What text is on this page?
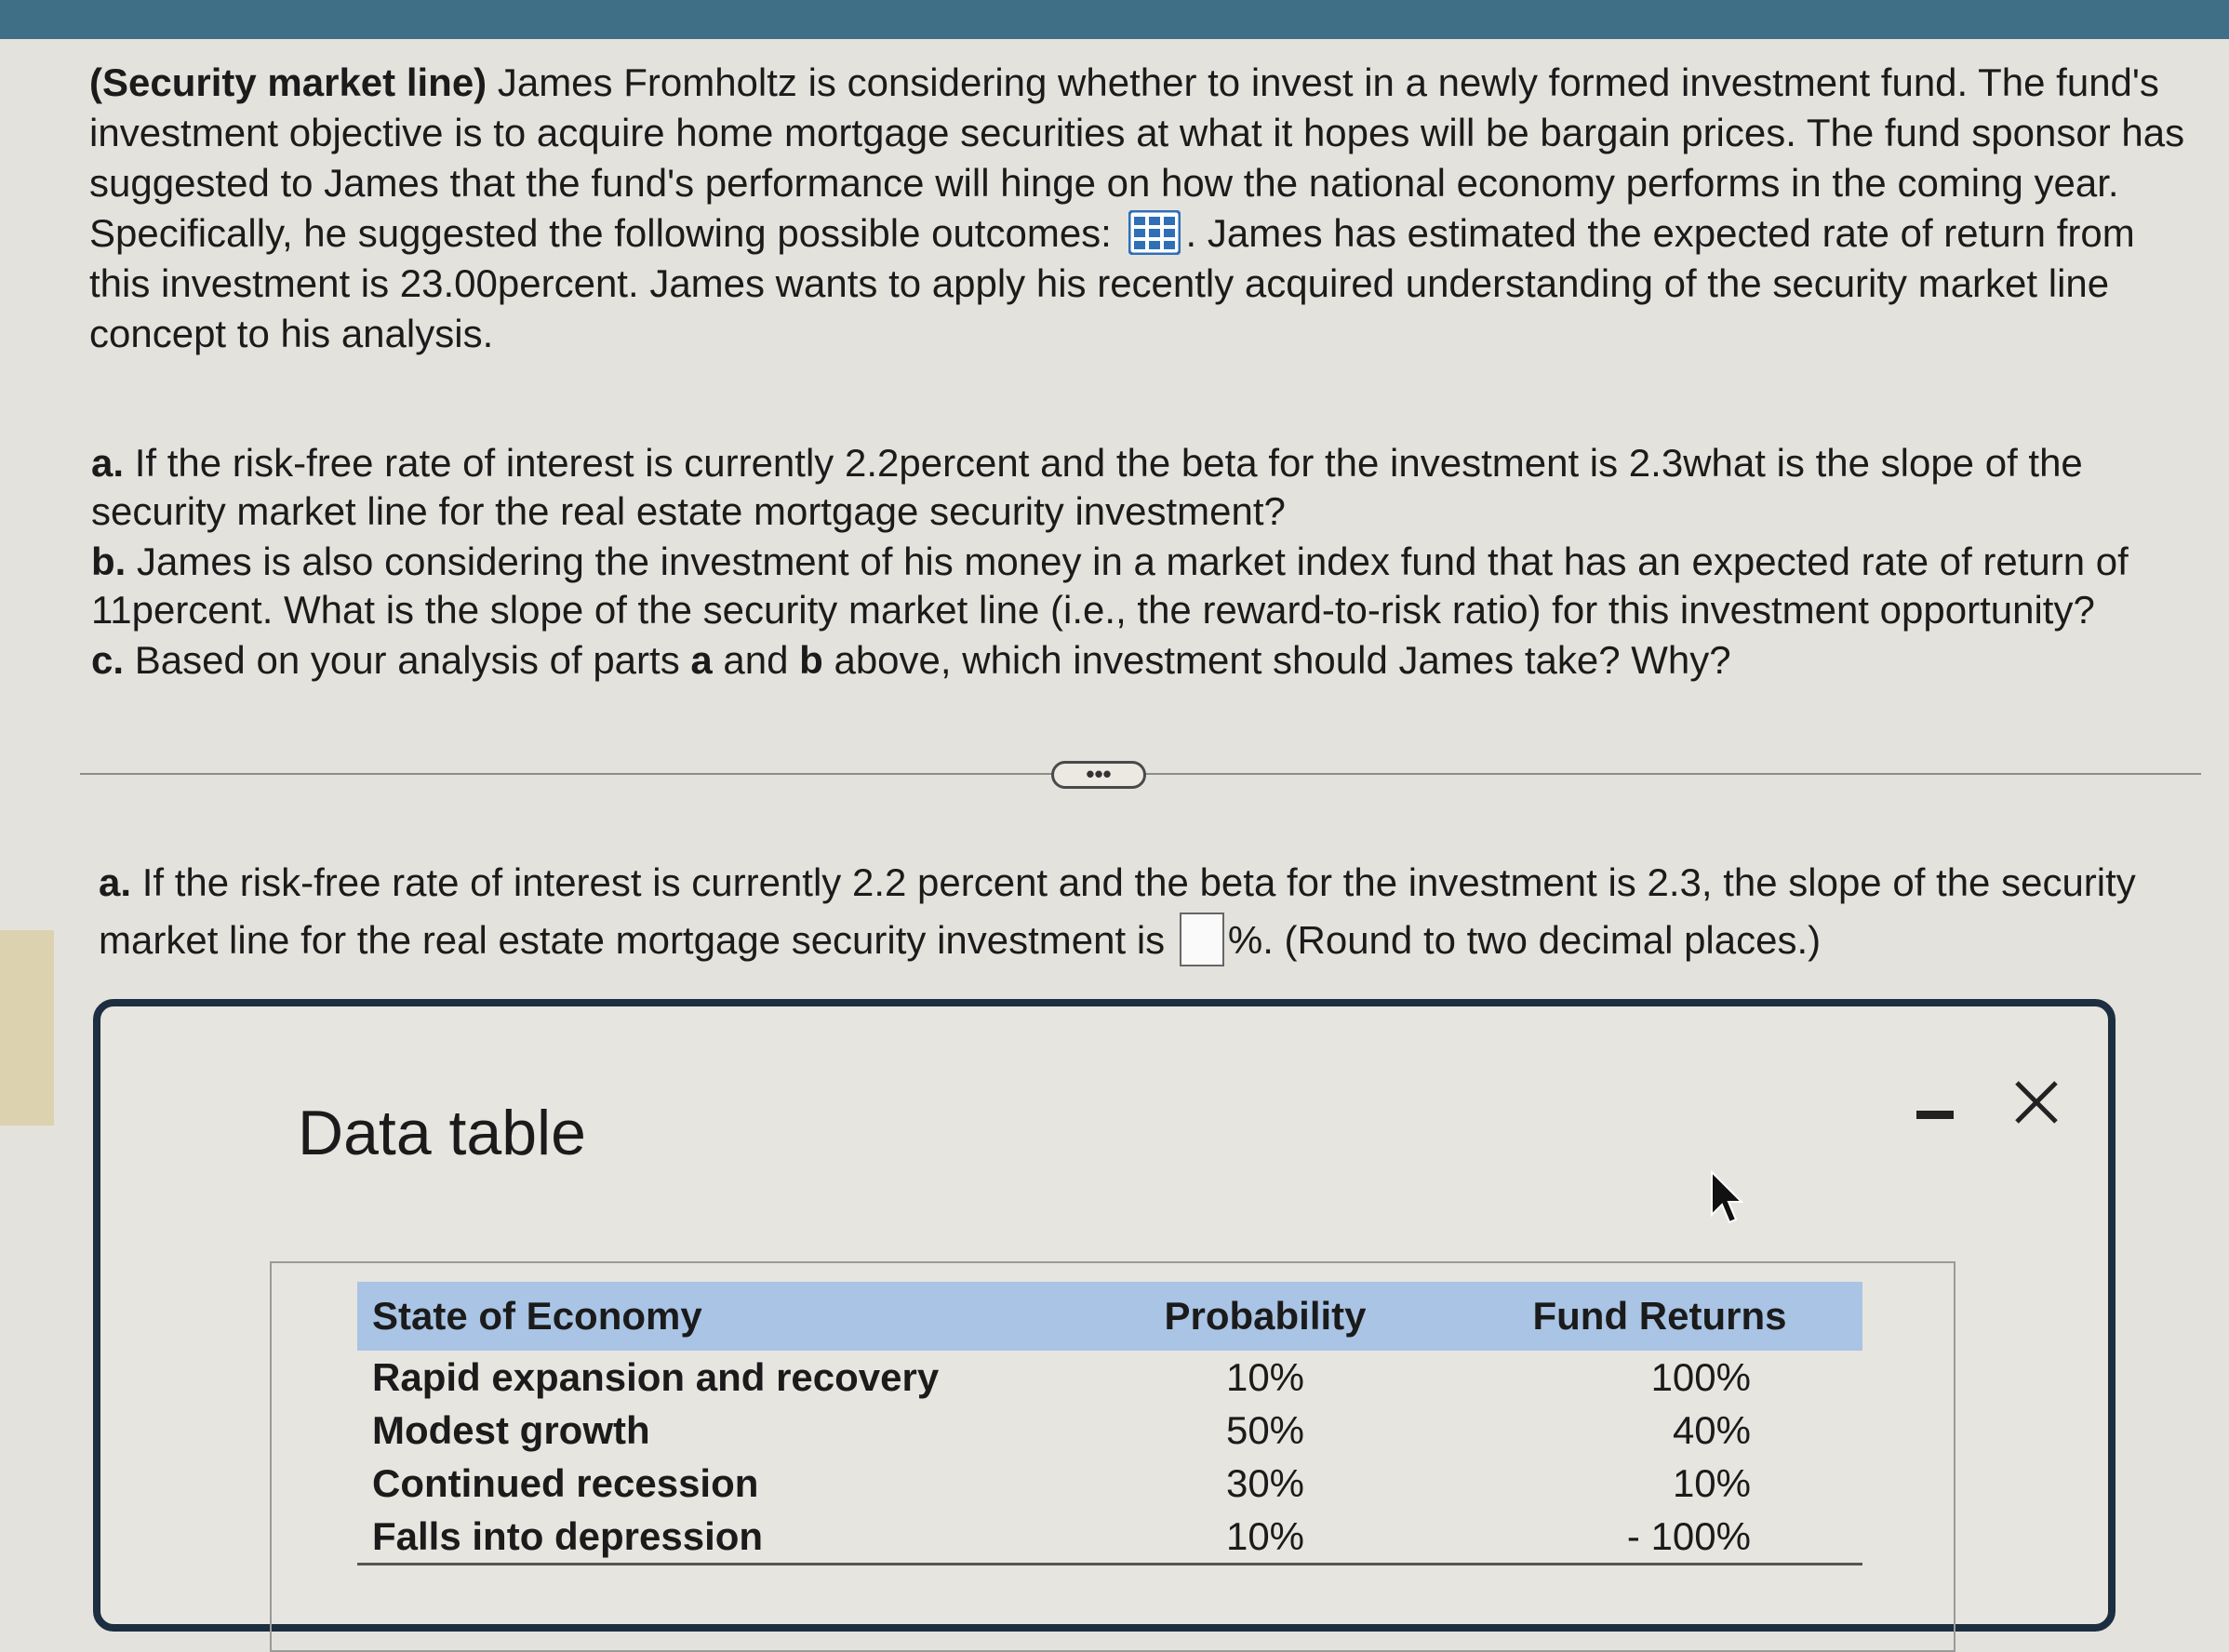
(Security market line) James Fromholtz is considering whether to invest in a newly formed investment fund. The fund's investment objective is to acquire home mortgage securities at what it hopes will be bargain prices. The fund sponsor has suggested to James that the fund's performance will hinge on how the national economy performs in the coming year. Specifically, he suggested the following possible outcomes: . James has estimated the expected rate of return from this investment is 23.00percent. James wants to apply his recently acquired understanding of the security market line concept to his analysis.

a. If the risk-free rate of interest is currently 2.2percent and the beta for the investment is 2.3what is the slope of the security market line for the real estate mortgage security investment?

b. James is also considering the investment of his money in a market index fund that has an expected rate of return of 11percent. What is the slope of the security market line (i.e., the reward-to-risk ratio) for this investment opportunity?

c. Based on your analysis of parts a and b above, which investment should James take? Why?

•••

a. If the risk-free rate of interest is currently 2.2 percent and the beta for the investment is 2.3, the slope of the security market line for the real estate mortgage security investment is %. (Round to two decimal places.)

Data table
State of Economy	Probability	Fund Returns
Rapid expansion and recovery	10%	100%
Modest growth	50%	40%
Continued recession	30%	10%
Falls into depression	10%	- 100%
